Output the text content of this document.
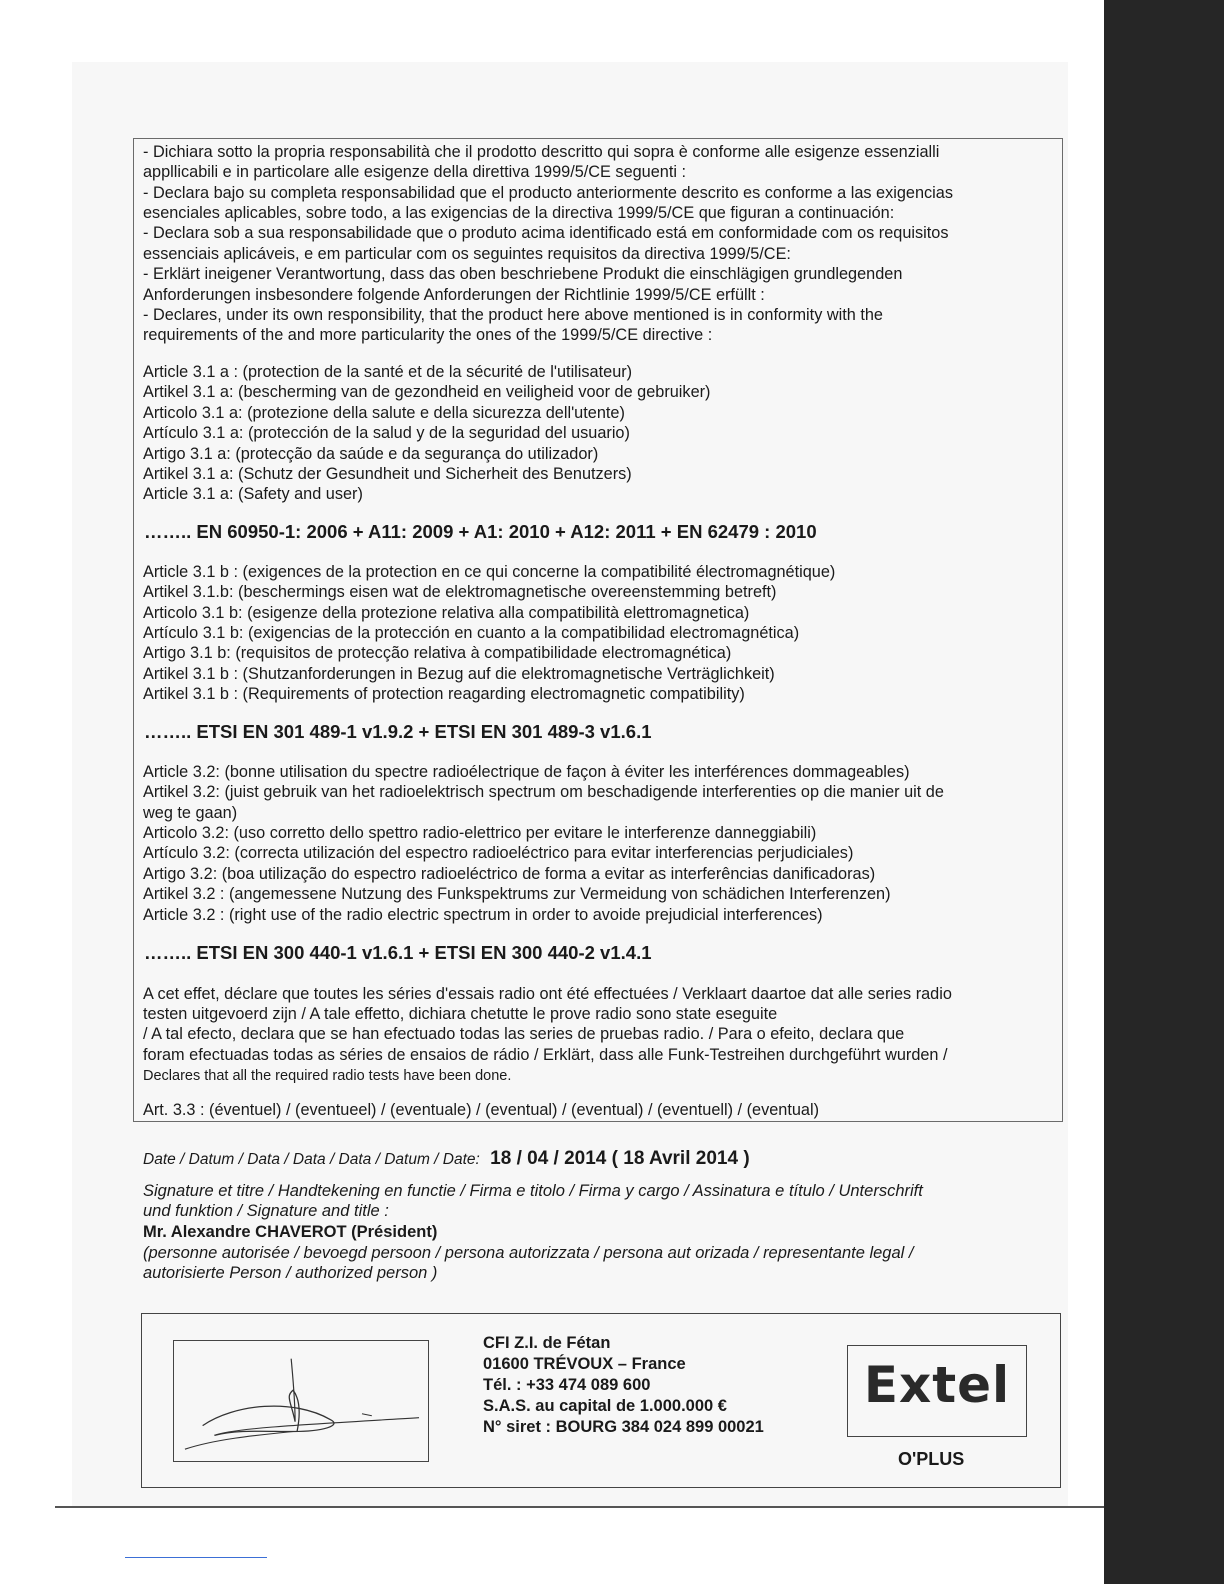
- Dichiara sotto la propria responsabilità che il prodotto descritto qui sopra è conforme alle esigenze essenzialli

appllicabili e in particolare alle esigenze della direttiva 1999/5/CE seguenti :

- Declara bajo su completa responsabilidad que el producto anteriormente descrito es conforme a las exigencias

esenciales aplicables, sobre todo, a las exigencias de la directiva 1999/5/CE que figuran a continuación:

- Declara sob a sua responsabilidade que o produto acima identificado está em conformidade com os requisitos

essenciais aplicáveis, e em particular com os seguintes requisitos da directiva 1999/5/CE:

- Erklärt ineigener Verantwortung, dass das oben beschriebene Produkt die einschlägigen grundlegenden

Anforderungen insbesondere folgende Anforderungen der Richtlinie 1999/5/CE erfüllt :

- Declares, under its own responsibility, that the product here above mentioned is in conformity with the

requirements of the and more particularity the ones of the 1999/5/CE directive :

Article 3.1 a : (protection de la santé et de la sécurité de l'utilisateur)

Artikel 3.1 a: (bescherming van de gezondheid en veiligheid voor de gebruiker)

Articolo 3.1 a: (protezione della salute e della sicurezza dell'utente)

Artículo 3.1 a: (protección de la salud y de la seguridad del usuario)

Artigo 3.1 a: (protecção da saúde e da segurança do utilizador)

Artikel 3.1 a: (Schutz der Gesundheit und Sicherheit des Benutzers)

Article 3.1 a: (Safety and user)

…….. EN 60950-1: 2006 + A11: 2009 + A1: 2010 + A12: 2011 + EN 62479 : 2010

Article 3.1 b : (exigences de la protection en ce qui concerne la compatibilité électromagnétique)

Artikel 3.1.b: (beschermings eisen wat de elektromagnetische overeenstemming betreft)

Articolo 3.1 b: (esigenze della protezione relativa alla compatibilità elettromagnetica)

Artículo 3.1 b: (exigencias de la protección en cuanto a la compatibilidad electromagnética)

Artigo 3.1 b: (requisitos de protecção relativa à compatibilidade electromagnética)

Artikel 3.1 b : (Shutzanforderungen in Bezug auf die elektromagnetische Verträglichkeit)

Artikel 3.1 b : (Requirements of protection reagarding electromagnetic compatibility)

…….. ETSI EN 301 489-1 v1.9.2 + ETSI EN 301 489-3 v1.6.1

Article 3.2: (bonne utilisation du spectre radioélectrique de façon à éviter les interférences dommageables)

Artikel 3.2: (juist gebruik van het radioelektrisch spectrum om beschadigende interferenties op die manier uit de

weg te gaan)

Articolo 3.2: (uso corretto dello spettro radio-elettrico per evitare le interferenze danneggiabili)

Artículo 3.2: (correcta utilización del espectro radioeléctrico para evitar interferencias perjudiciales)

Artigo 3.2: (boa utilização do espectro radioeléctrico de forma a evitar as interferências danificadoras)

Artikel 3.2 : (angemessene Nutzung des Funkspektrums zur Vermeidung von schädichen Interferenzen)

Article 3.2 : (right use of the radio electric spectrum in order to avoide prejudicial interferences)

…….. ETSI EN 300 440-1 v1.6.1 + ETSI EN 300 440-2 v1.4.1

A cet effet, déclare que toutes les séries d'essais radio ont été effectuées / Verklaart daartoe dat alle series radio

testen uitgevoerd zijn / A tale effetto, dichiara chetutte le prove radio sono state eseguite

/ A tal efecto, declara que se han efectuado todas las series de pruebas radio. / Para o efeito, declara que

foram efectuadas todas as séries de ensaios de rádio / Erklärt, dass alle Funk-Testreihen durchgeführt wurden /

Declares that all the required radio tests have been done.

Art. 3.3 : (éventuel) / (eventueel) / (eventuale) / (eventual) / (eventual) / (eventuell) / (eventual)

Date / Datum / Data / Data / Data / Datum / Date: 18 / 04 / 2014 ( 18 Avril 2014 )

Signature et titre / Handtekening en functie / Firma e titolo / Firma y cargo / Assinatura e título / Unterschrift

und funktion / Signature and title :

Mr. Alexandre CHAVEROT (Président)

(personne autorisée / bevoegd persoon / persona autorizzata / persona aut orizada / representante legal /

autorisierte Person / authorized person )

CFI Z.I. de Fétan
01600 TRÉVOUX – France
Tél. : +33 474 089 600
S.A.S. au capital de 1.000.000 €
N° siret : BOURG 384 024 899 00021
Extel
O'PLUS
